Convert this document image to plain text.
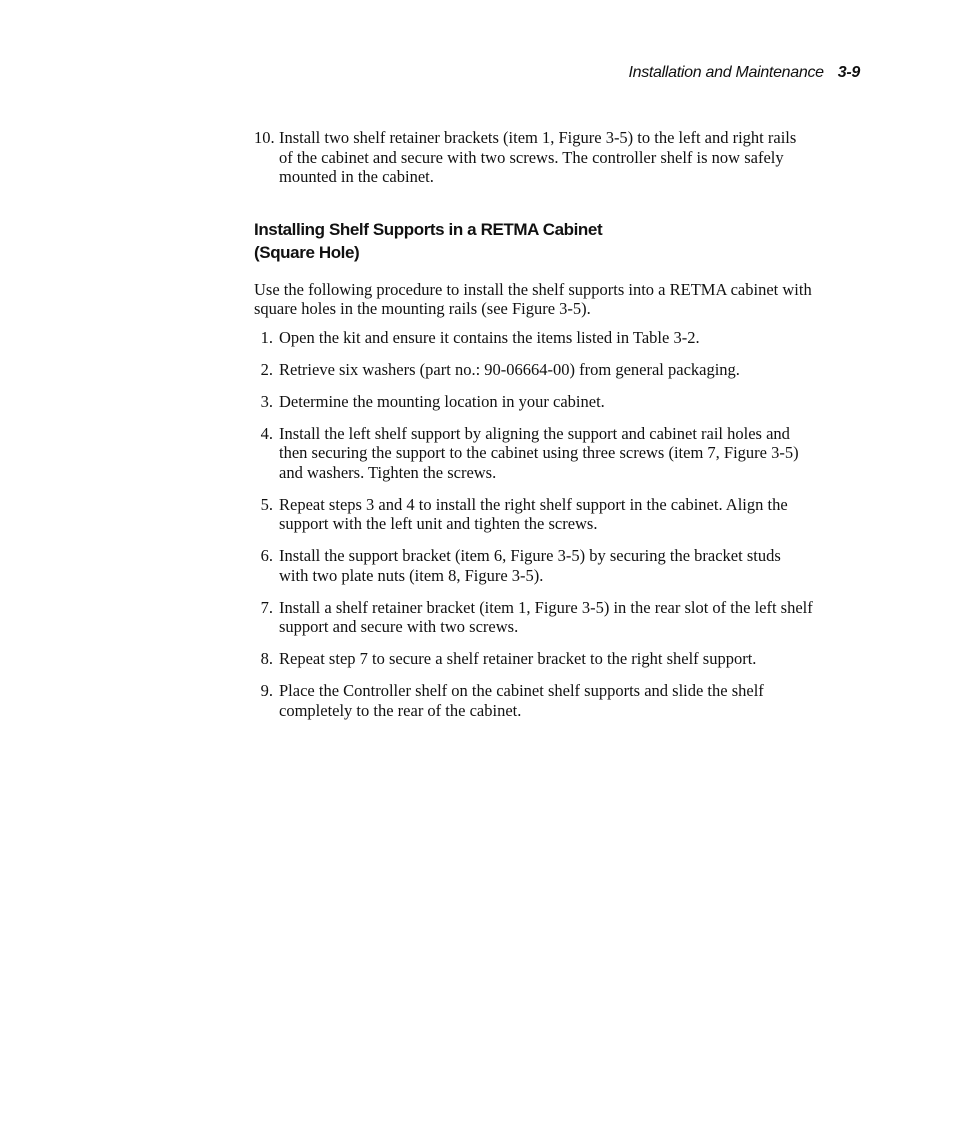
Installation and Maintenance 3-9
10. Install two shelf retainer brackets (item 1, Figure 3-5) to the left and right rails of the cabinet and secure with two screws. The controller shelf is now safely mounted in the cabinet.
Installing Shelf Supports in a RETMA Cabinet
(Square Hole)
Use the following procedure to install the shelf supports into a RETMA cabinet with square holes in the mounting rails (see Figure 3-5).
1. Open the kit and ensure it contains the items listed in Table 3-2.
2. Retrieve six washers (part no.: 90-06664-00) from general packaging.
3. Determine the mounting location in your cabinet.
4. Install the left shelf support by aligning the support and cabinet rail holes and then securing the support to the cabinet using three screws (item 7, Figure 3-5) and washers. Tighten the screws.
5. Repeat steps 3 and 4 to install the right shelf support in the cabinet. Align the support with the left unit and tighten the screws.
6. Install the support bracket (item 6, Figure 3-5) by securing the bracket studs with two plate nuts (item 8, Figure 3-5).
7. Install a shelf retainer bracket (item 1, Figure 3-5) in the rear slot of the left shelf support and secure with two screws.
8. Repeat step 7 to secure a shelf retainer bracket to the right shelf support.
9. Place the Controller shelf on the cabinet shelf supports and slide the shelf completely to the rear of the cabinet.
